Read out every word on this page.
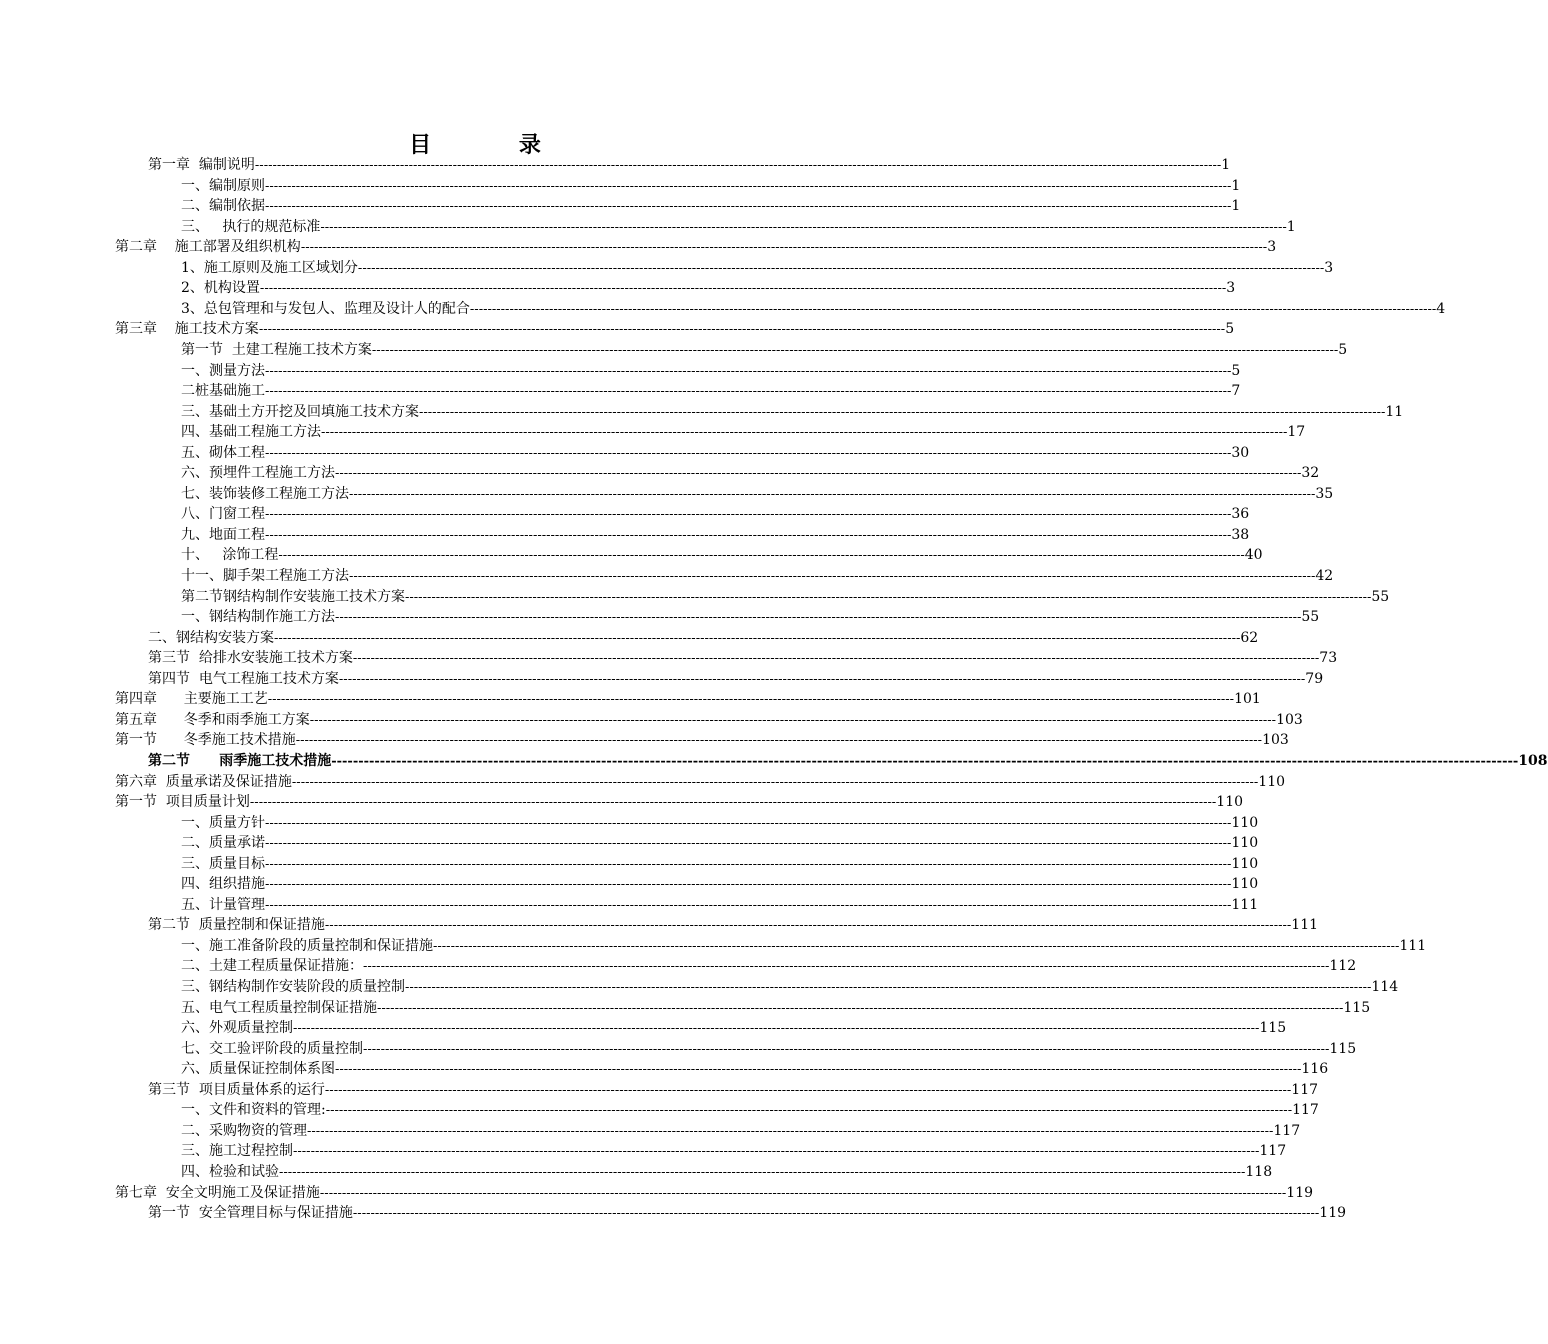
目 录
第一章  编制说明 ---------------------------------------------------------------------------------------------------------------------------------------------------------------------------------------------------------------------------- 1
一、编制原则 ---------------------------------------------------------------------------------------------------------------------------------------------------------------------------------------------------------------------------- 1
二、编制依据 ---------------------------------------------------------------------------------------------------------------------------------------------------------------------------------------------------------------------------- 1
三、   执行的规范标准 ---------------------------------------------------------------------------------------------------------------------------------------------------------------------------------------------------------------------------- 1
第二章    施工部署及组织机构 ---------------------------------------------------------------------------------------------------------------------------------------------------------------------------------------------------------------------------- 3
1、施工原则及施工区域划分 ---------------------------------------------------------------------------------------------------------------------------------------------------------------------------------------------------------------------------- 3
2、机构设置 ---------------------------------------------------------------------------------------------------------------------------------------------------------------------------------------------------------------------------- 3
3、总包管理和与发包人、监理及设计人的配合 ---------------------------------------------------------------------------------------------------------------------------------------------------------------------------------------------------------------------------- 4
第三章    施工技术方案 ---------------------------------------------------------------------------------------------------------------------------------------------------------------------------------------------------------------------------- 5
第一节  土建工程施工技术方案 ---------------------------------------------------------------------------------------------------------------------------------------------------------------------------------------------------------------------------- 5
一、测量方法 ---------------------------------------------------------------------------------------------------------------------------------------------------------------------------------------------------------------------------- 5
二桩基础施工 ---------------------------------------------------------------------------------------------------------------------------------------------------------------------------------------------------------------------------- 7
三、基础土方开挖及回填施工技术方案 ---------------------------------------------------------------------------------------------------------------------------------------------------------------------------------------------------------------------------- 11
四、基础工程施工方法 ---------------------------------------------------------------------------------------------------------------------------------------------------------------------------------------------------------------------------- 17
五、砌体工程 ---------------------------------------------------------------------------------------------------------------------------------------------------------------------------------------------------------------------------- 30
六、预埋件工程施工方法 ---------------------------------------------------------------------------------------------------------------------------------------------------------------------------------------------------------------------------- 32
七、装饰装修工程施工方法 ---------------------------------------------------------------------------------------------------------------------------------------------------------------------------------------------------------------------------- 35
八、门窗工程 ---------------------------------------------------------------------------------------------------------------------------------------------------------------------------------------------------------------------------- 36
九、地面工程 ---------------------------------------------------------------------------------------------------------------------------------------------------------------------------------------------------------------------------- 38
十、   涂饰工程 ---------------------------------------------------------------------------------------------------------------------------------------------------------------------------------------------------------------------------- 40
十一、脚手架工程施工方法 ---------------------------------------------------------------------------------------------------------------------------------------------------------------------------------------------------------------------------- 42
第二节钢结构制作安装施工技术方案 ---------------------------------------------------------------------------------------------------------------------------------------------------------------------------------------------------------------------------- 55
一、钢结构制作施工方法 ---------------------------------------------------------------------------------------------------------------------------------------------------------------------------------------------------------------------------- 55
二、钢结构安装方案 ---------------------------------------------------------------------------------------------------------------------------------------------------------------------------------------------------------------------------- 62
第三节  给排水安装施工技术方案 ---------------------------------------------------------------------------------------------------------------------------------------------------------------------------------------------------------------------------- 73
第四节  电气工程施工技术方案 ---------------------------------------------------------------------------------------------------------------------------------------------------------------------------------------------------------------------------- 79
第四章      主要施工工艺 ---------------------------------------------------------------------------------------------------------------------------------------------------------------------------------------------------------------------------- 101
第五章      冬季和雨季施工方案 ---------------------------------------------------------------------------------------------------------------------------------------------------------------------------------------------------------------------------- 103
第一节      冬季施工技术措施 ---------------------------------------------------------------------------------------------------------------------------------------------------------------------------------------------------------------------------- 103
第二节      雨季施工技术措施 ---------------------------------------------------------------------------------------------------------------------------------------------------------------------------------------------------------------------------- 108
第六章  质量承诺及保证措施 ---------------------------------------------------------------------------------------------------------------------------------------------------------------------------------------------------------------------------- 110
第一节  项目质量计划 ---------------------------------------------------------------------------------------------------------------------------------------------------------------------------------------------------------------------------- 110
一、质量方针 ---------------------------------------------------------------------------------------------------------------------------------------------------------------------------------------------------------------------------- 110
二、质量承诺 ---------------------------------------------------------------------------------------------------------------------------------------------------------------------------------------------------------------------------- 110
三、质量目标 ---------------------------------------------------------------------------------------------------------------------------------------------------------------------------------------------------------------------------- 110
四、组织措施 ---------------------------------------------------------------------------------------------------------------------------------------------------------------------------------------------------------------------------- 110
五、计量管理 ---------------------------------------------------------------------------------------------------------------------------------------------------------------------------------------------------------------------------- 111
第二节  质量控制和保证措施 ---------------------------------------------------------------------------------------------------------------------------------------------------------------------------------------------------------------------------- 111
一、施工准备阶段的质量控制和保证措施 ---------------------------------------------------------------------------------------------------------------------------------------------------------------------------------------------------------------------------- 111
二、土建工程质量保证措施： ---------------------------------------------------------------------------------------------------------------------------------------------------------------------------------------------------------------------------- 112
三、钢结构制作安装阶段的质量控制 ---------------------------------------------------------------------------------------------------------------------------------------------------------------------------------------------------------------------------- 114
五、电气工程质量控制保证措施 ---------------------------------------------------------------------------------------------------------------------------------------------------------------------------------------------------------------------------- 115
六、外观质量控制 ---------------------------------------------------------------------------------------------------------------------------------------------------------------------------------------------------------------------------- 115
七、交工验评阶段的质量控制 ---------------------------------------------------------------------------------------------------------------------------------------------------------------------------------------------------------------------------- 115
六、质量保证控制体系图 ---------------------------------------------------------------------------------------------------------------------------------------------------------------------------------------------------------------------------- 116
第三节  项目质量体系的运行 ---------------------------------------------------------------------------------------------------------------------------------------------------------------------------------------------------------------------------- 117
一、文件和资料的管理: ---------------------------------------------------------------------------------------------------------------------------------------------------------------------------------------------------------------------------- 117
二、采购物资的管理 ---------------------------------------------------------------------------------------------------------------------------------------------------------------------------------------------------------------------------- 117
三、施工过程控制 ---------------------------------------------------------------------------------------------------------------------------------------------------------------------------------------------------------------------------- 117
四、检验和试验 ---------------------------------------------------------------------------------------------------------------------------------------------------------------------------------------------------------------------------- 118
第七章  安全文明施工及保证措施 ---------------------------------------------------------------------------------------------------------------------------------------------------------------------------------------------------------------------------- 119
第一节  安全管理目标与保证措施 ---------------------------------------------------------------------------------------------------------------------------------------------------------------------------------------------------------------------------- 119
